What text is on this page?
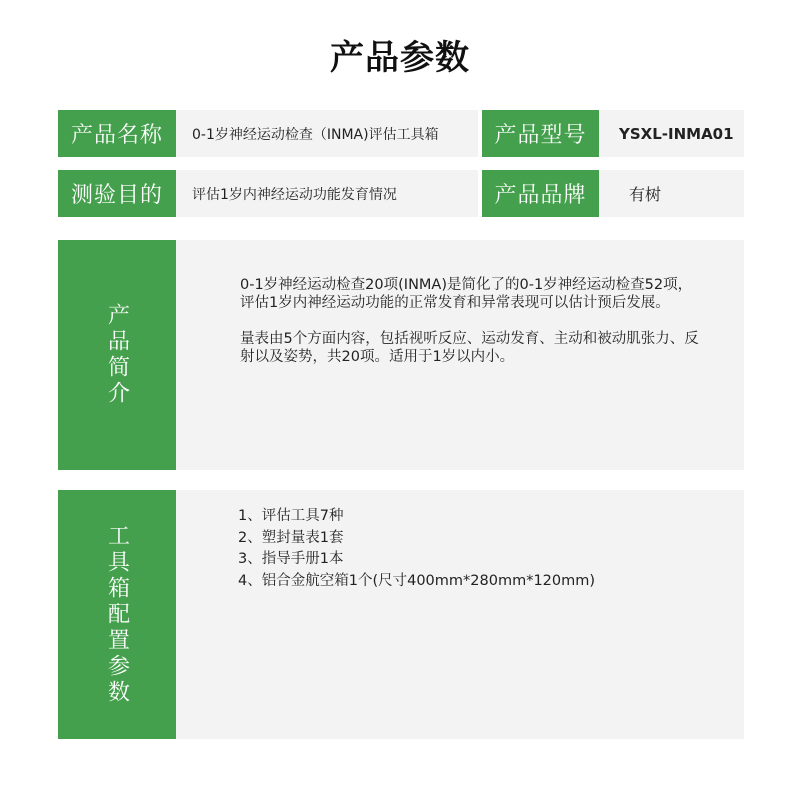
产品参数
产品名称	0-1岁神经运动检查（INMA)评估工具箱	产品型号	YSXL-INMA01
测验目的	评估1岁内神经运动功能发育情况	产品品牌	有树
产品简介
0-1岁神经运动检查20项(INMA)是简化了的0-1岁神经运动检查52项，评估1岁内神经运动功能的正常发育和异常表现可以估计预后发展。
量表由5个方面内容，包括视听反应、运动发育、主动和被动肌张力、反射以及姿势，共20项。适用于1岁以内小。
工具箱配置参数
1、评估工具7种
2、塑封量表1套
3、指导手册1本
4、铝合金航空箱1个(尺寸400mm*280mm*120mm)
